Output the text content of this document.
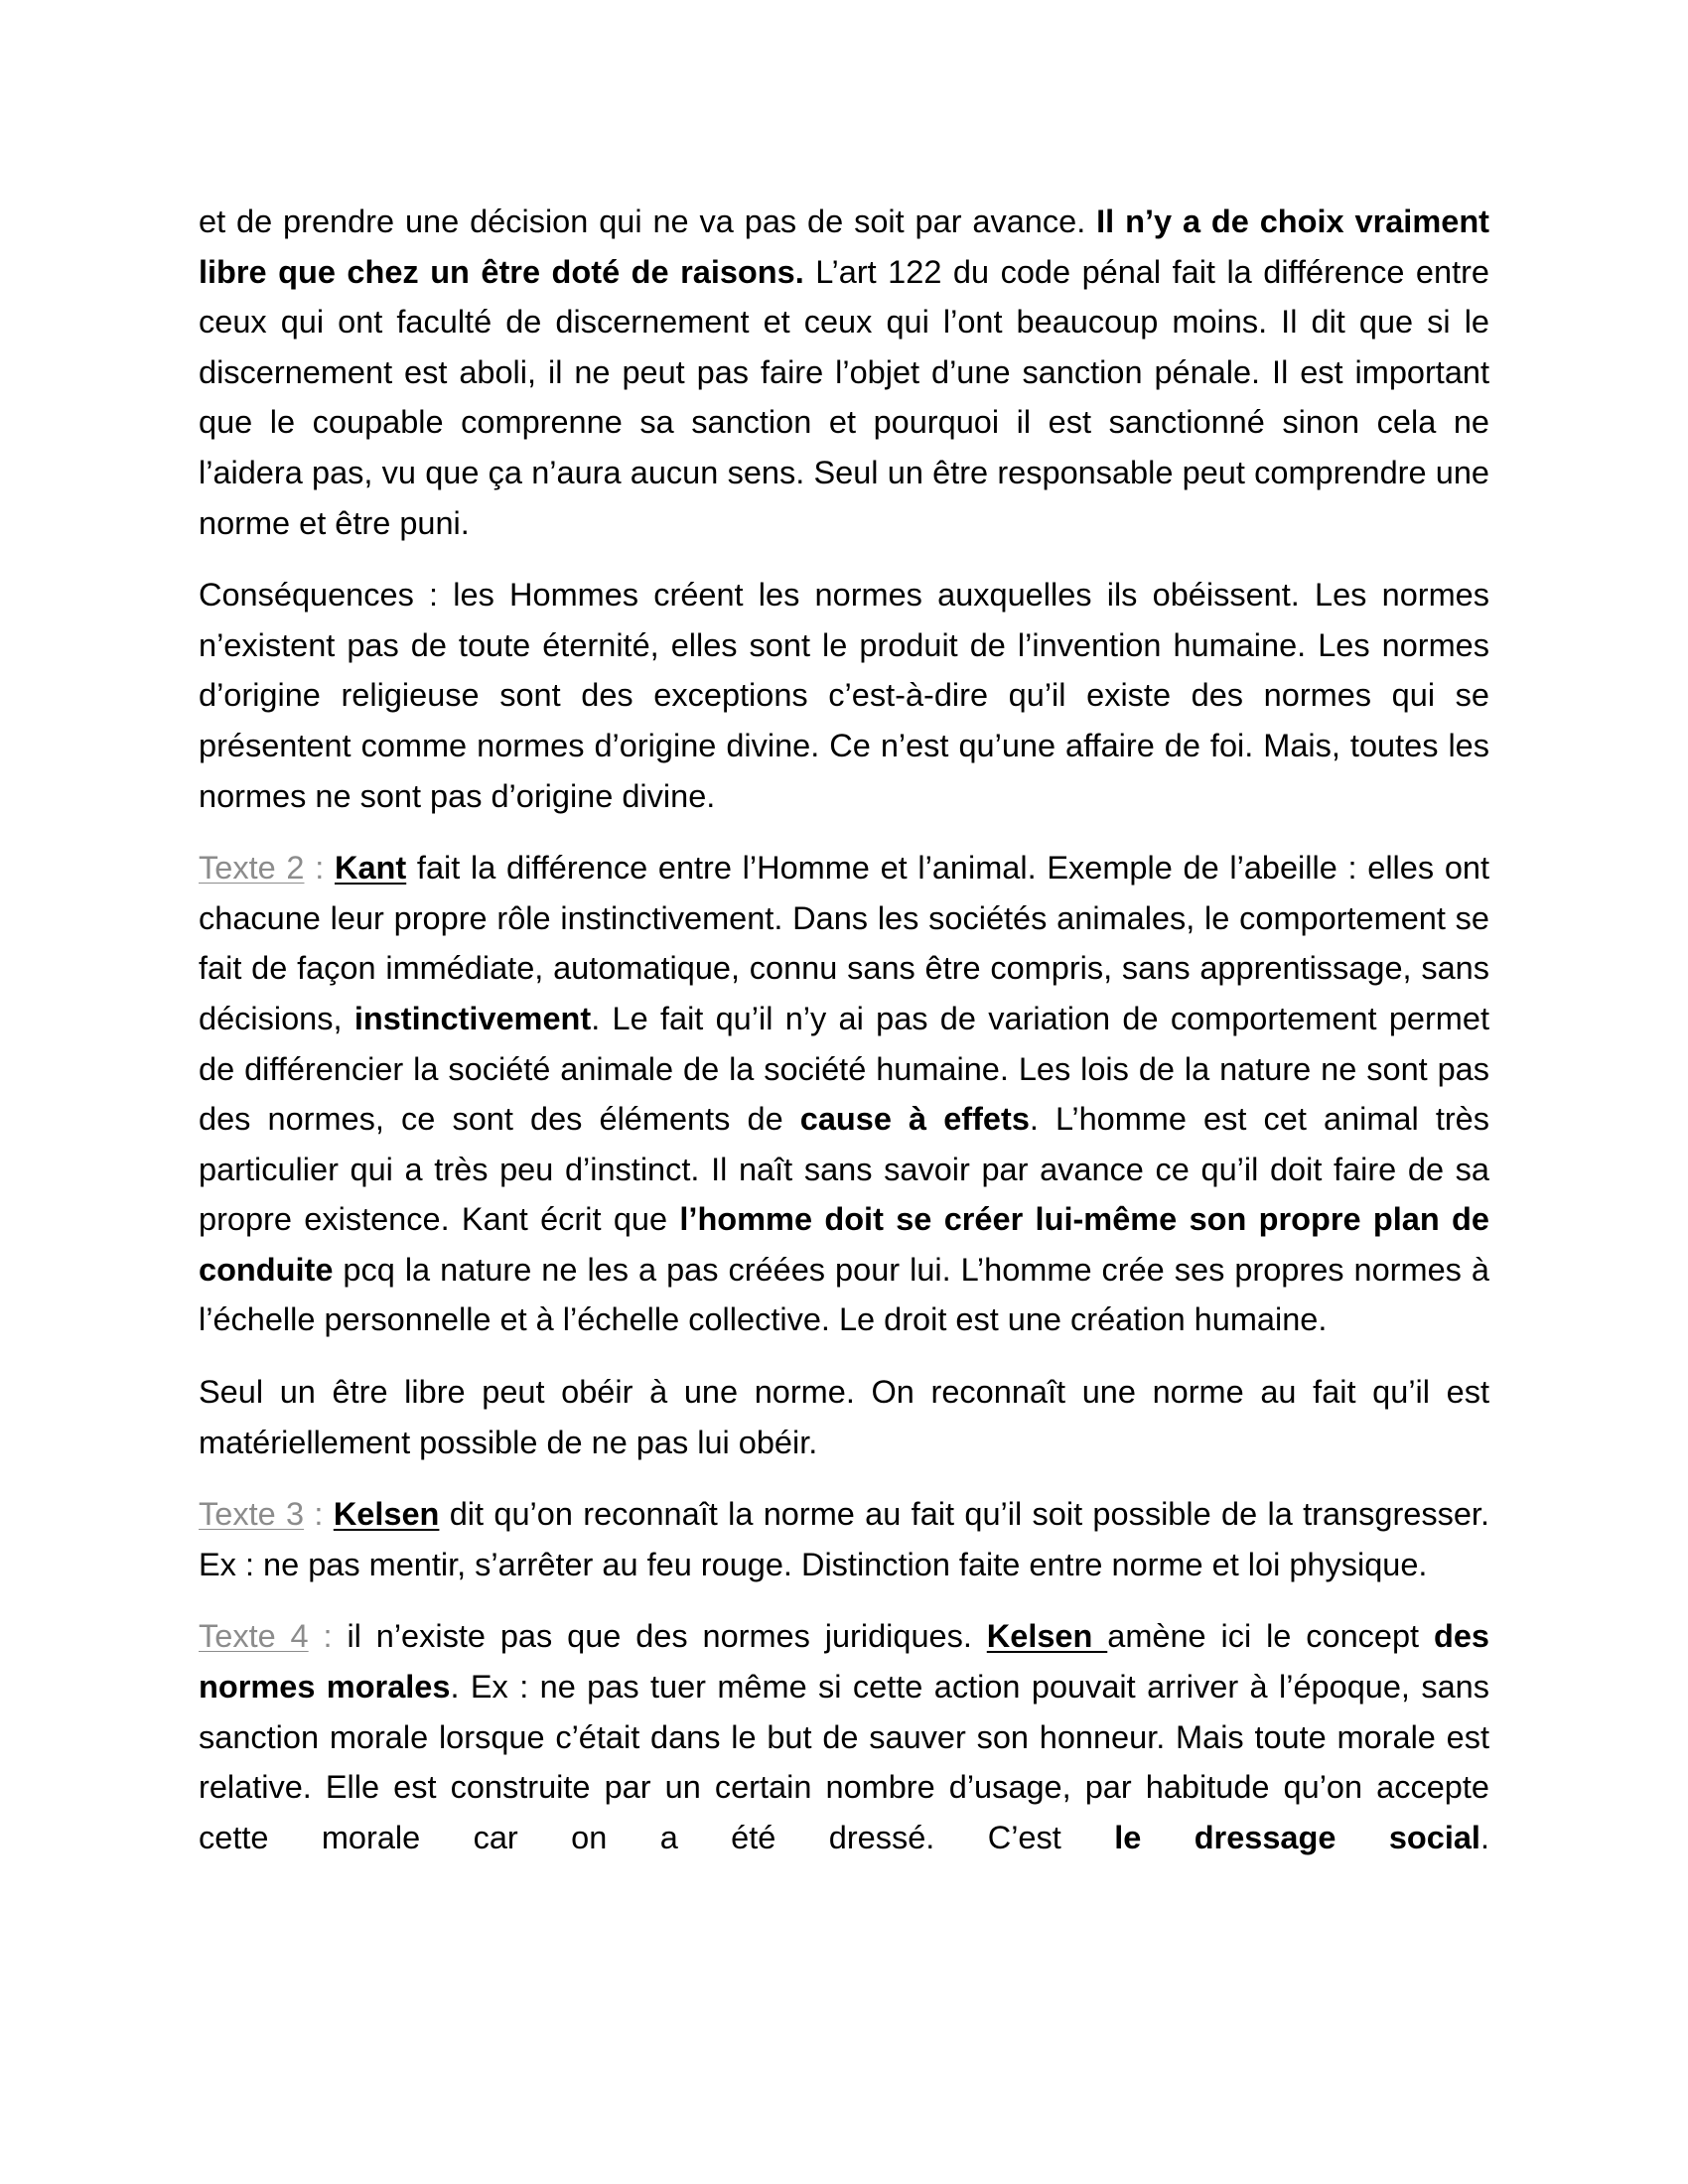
et de prendre une décision qui ne va pas de soit par avance. Il n’y a de choix vraiment libre que chez un être doté de raisons. L’art 122 du code pénal fait la différence entre ceux qui ont faculté de discernement et ceux qui l’ont beaucoup moins. Il dit que si le discernement est aboli, il ne peut pas faire l’objet d’une sanction pénale. Il est important que le coupable comprenne sa sanction et pourquoi il est sanctionné sinon cela ne l’aidera pas, vu que ça n’aura aucun sens. Seul un être responsable peut comprendre une norme et être puni.

Conséquences : les Hommes créent les normes auxquelles ils obéissent. Les normes n’existent pas de toute éternité, elles sont le produit de l’invention humaine. Les normes d’origine religieuse sont des exceptions c’est-à-dire qu’il existe des normes qui se présentent comme normes d’origine divine. Ce n’est qu’une affaire de foi. Mais, toutes les normes ne sont pas d’origine divine.

Texte 2 : Kant fait la différence entre l’Homme et l’animal. Exemple de l’abeille : elles ont chacune leur propre rôle instinctivement. Dans les sociétés animales, le comportement se fait de façon immédiate, automatique, connu sans être compris, sans apprentissage, sans décisions, instinctivement. Le fait qu’il n’y ai pas de variation de comportement permet de différencier la société animale de la société humaine. Les lois de la nature ne sont pas des normes, ce sont des éléments de cause à effets. L’homme est cet animal très particulier qui a très peu d’instinct. Il naît sans savoir par avance ce qu’il doit faire de sa propre existence. Kant écrit que l’homme doit se créer lui-même son propre plan de conduite pcq la nature ne les a pas créées pour lui. L’homme crée ses propres normes à l’échelle personnelle et à l’échelle collective. Le droit est une création humaine.

Seul un être libre peut obéir à une norme. On reconnaît une norme au fait qu’il est matériellement possible de ne pas lui obéir.

Texte 3 : Kelsen dit qu’on reconnaît la norme au fait qu’il soit possible de la transgresser. Ex : ne pas mentir, s’arrêter au feu rouge. Distinction faite entre norme et loi physique.

Texte 4 : il n’existe pas que des normes juridiques. Kelsen amène ici le concept des normes morales. Ex : ne pas tuer même si cette action pouvait arriver à l’époque, sans sanction morale lorsque c’était dans le but de sauver son honneur. Mais toute morale est relative. Elle est construite par un certain nombre d’usage, par habitude qu’on accepte cette morale car on a été dressé. C’est le dressage social.
